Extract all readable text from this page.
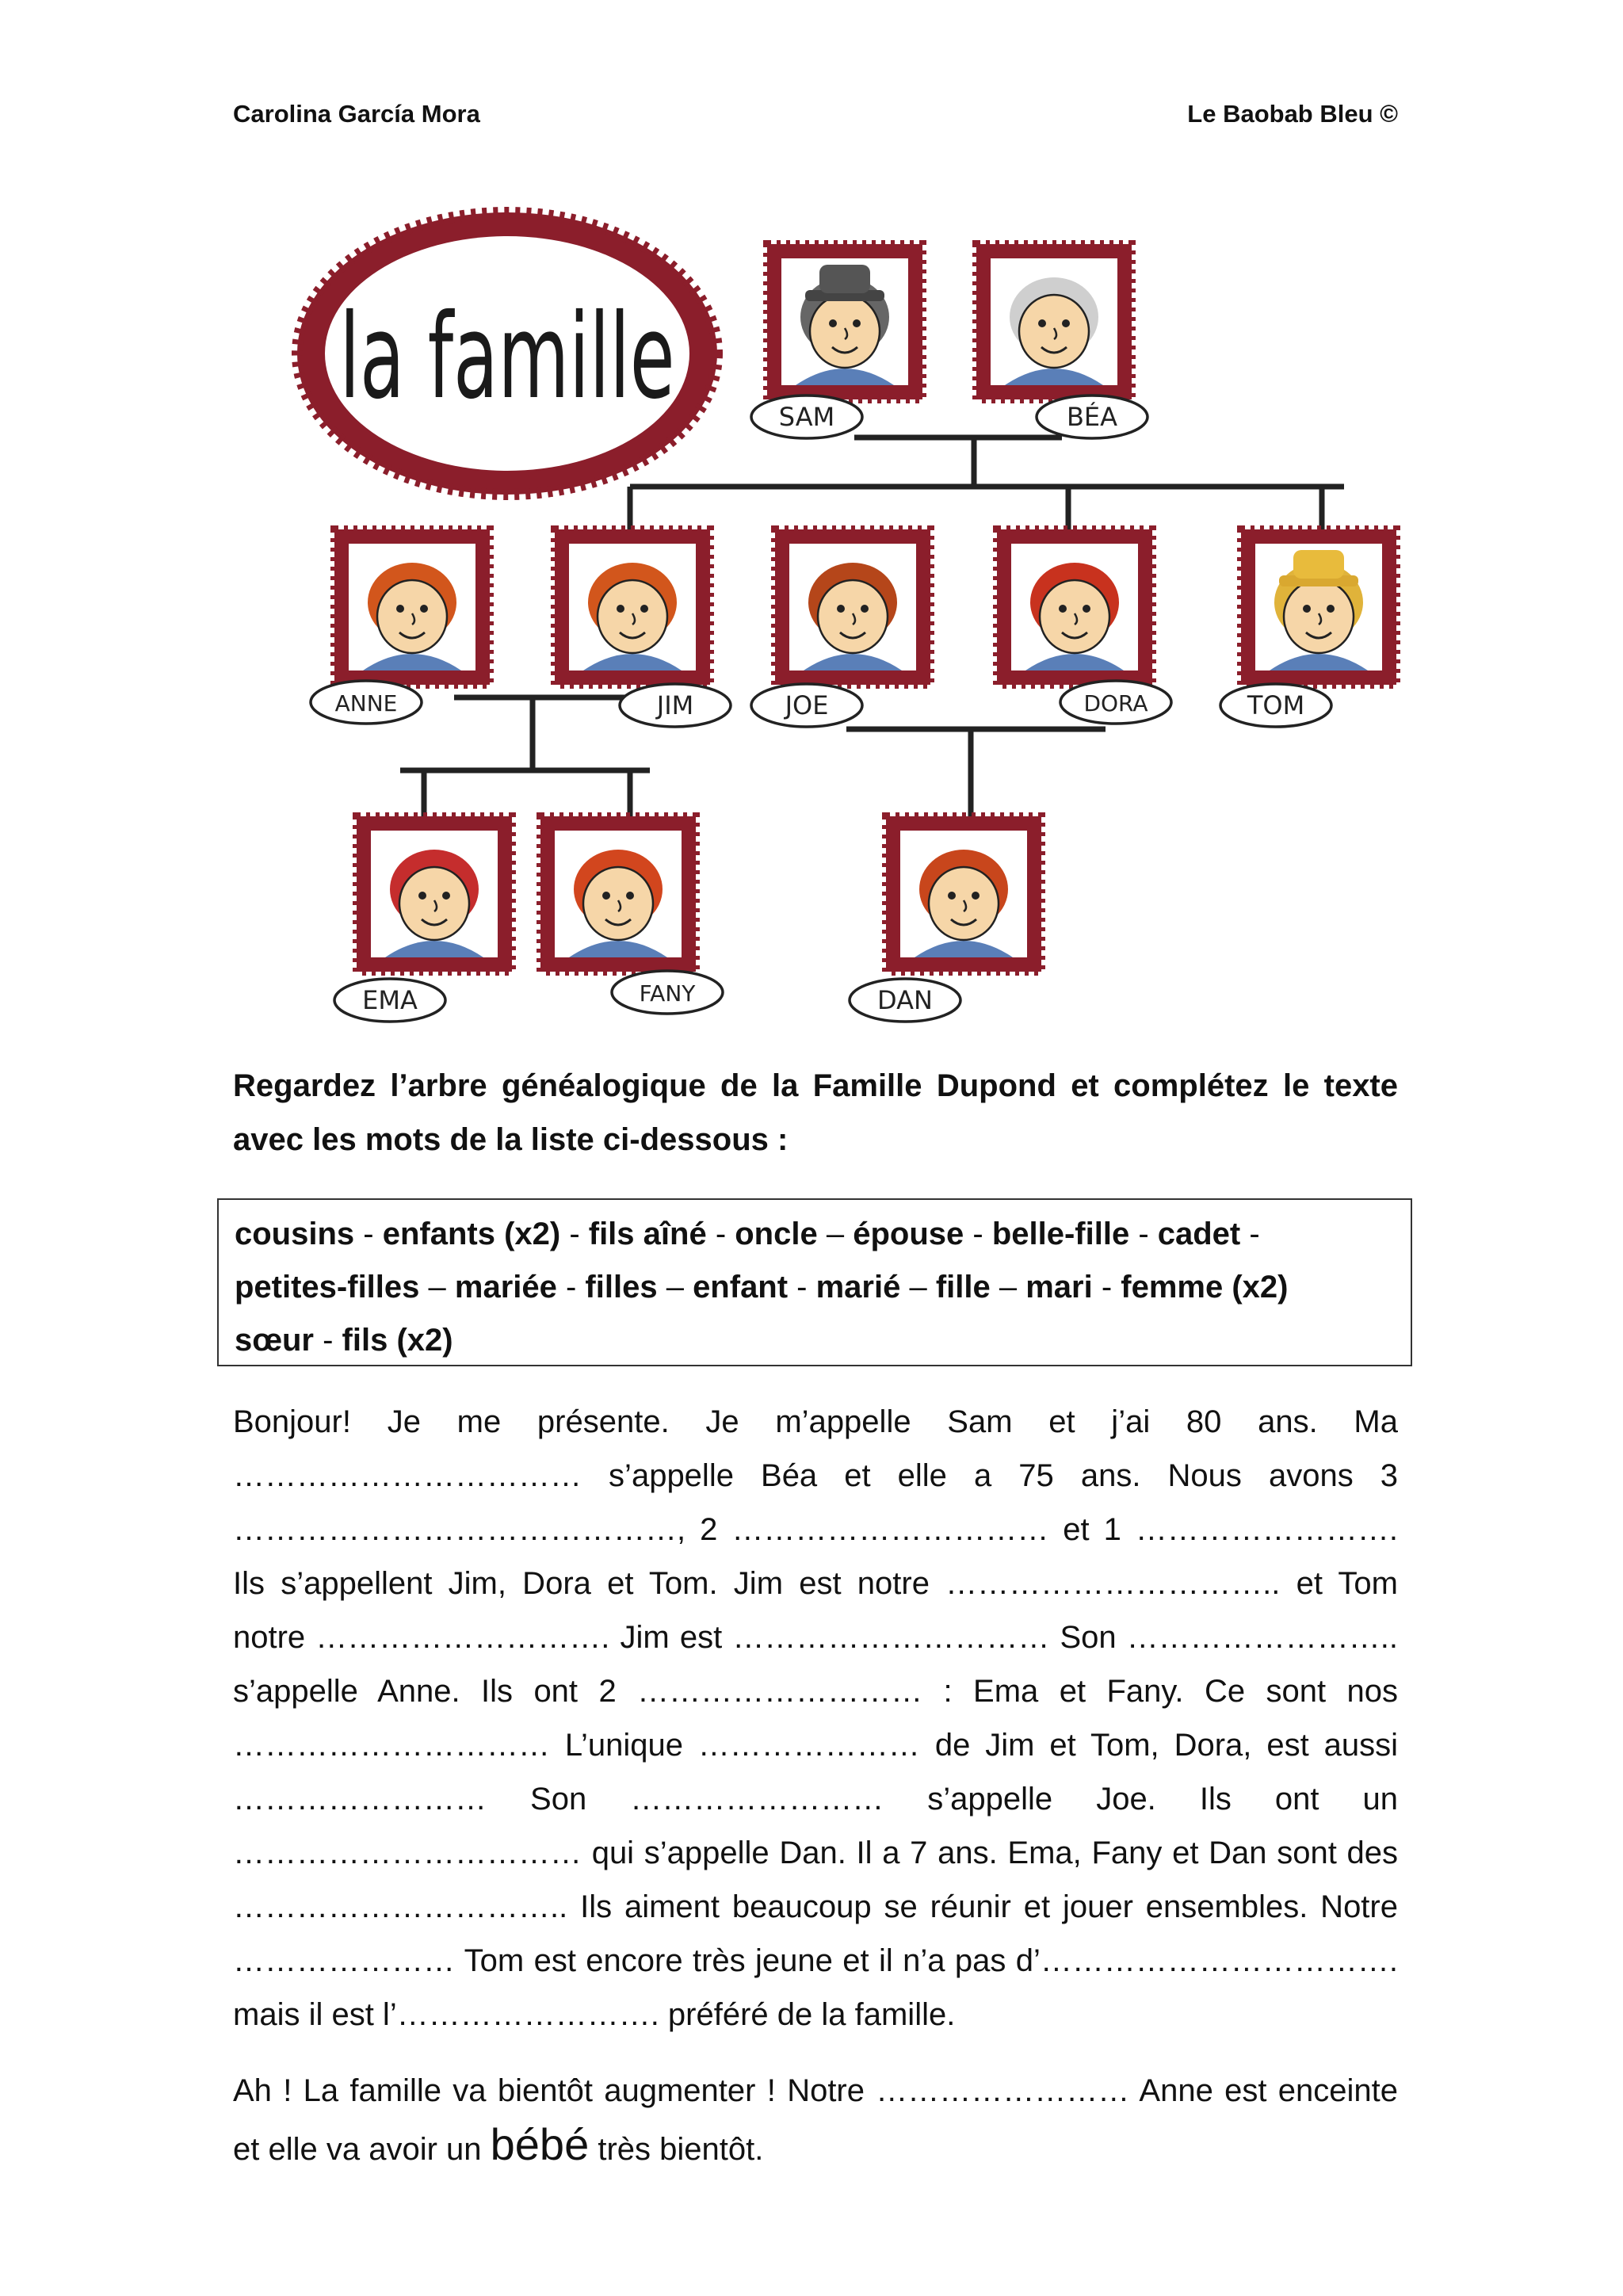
Carolina García Mora	Le Baobab Bleu ©
la famille	SAM	BÉA
ANNE	JIM	JOE	DORA	TOM
EMA	FANY	DAN
Regardez l’arbre généalogique de la Famille Dupond et complétez le texte avec les mots de la liste ci-dessous :
cousins - enfants (x2) - fils aîné - oncle – épouse - belle-fille - cadet -
petites-filles – mariée - filles – enfant - marié – fille – mari - femme (x2)
sœur - fils (x2)
Bonjour! Je me présente. Je m’appelle Sam et j’ai 80 ans. Ma …………………………… s’appelle Béa et elle a 75 ans. Nous avons 3 ……………………………………, 2 ………………………… et 1 ……………………. Ils s’appellent Jim, Dora et Tom. Jim est notre ………………………….. et Tom notre ………………………. Jim est ………………………… Son …………………….. s’appelle Anne. Ils ont 2 ……………………… : Ema et Fany. Ce sont nos ………………………… L’unique ………………… de Jim et Tom, Dora, est aussi …………………… Son …………………… s’appelle Joe. Ils ont un …………………………… qui s’appelle Dan. Il a 7 ans. Ema, Fany et Dan sont des ………………………….. Ils aiment beaucoup se réunir et jouer ensembles. Notre ………………… Tom est encore très jeune et il n’a pas d’……………………………. mais il est l’……………………. préféré de la famille.
Ah ! La famille va bientôt augmenter ! Notre …………………… Anne est enceinte et elle va avoir un bébé très bientôt.
